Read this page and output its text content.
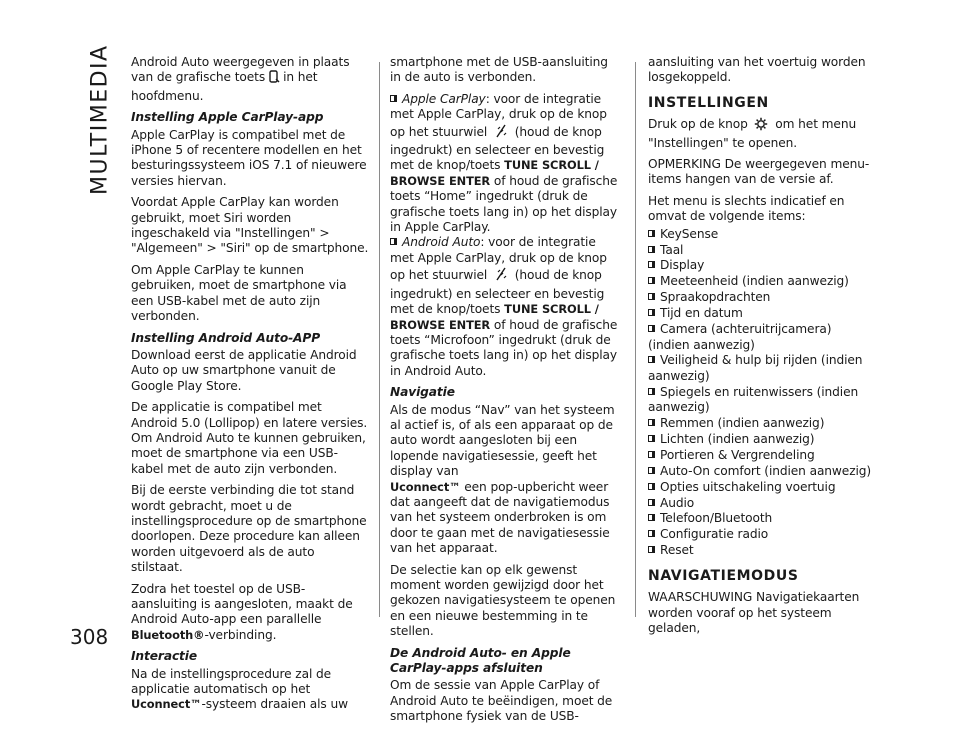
MULTIMEDIA
308

Android Auto weergegeven in plaats van de grafische toets in het hoofdmenu.

Instelling Apple CarPlay-app

Apple CarPlay is compatibel met de iPhone 5 of recentere modellen en het besturingssysteem iOS 7.1 of nieuwere versies hiervan.

Voordat Apple CarPlay kan worden gebruikt, moet Siri worden ingeschakeld via "Instellingen" > "Algemeen" > "Siri" op de smartphone.

Om Apple CarPlay te kunnen gebruiken, moet de smartphone via een USB-kabel met de auto zijn verbonden.

Instelling Android Auto-APP

Download eerst de applicatie Android Auto op uw smartphone vanuit de Google Play Store.

De applicatie is compatibel met Android 5.0 (Lollipop) en latere versies. Om Android Auto te kunnen gebruiken, moet de smartphone via een USB-kabel met de auto zijn verbonden.

Bij de eerste verbinding die tot stand wordt gebracht, moet u de instellingsprocedure op de smartphone doorlopen. Deze procedure kan alleen worden uitgevoerd als de auto stilstaat.

Zodra het toestel op de USB-aansluiting is aangesloten, maakt de Android Auto-app een parallelle Bluetooth®-verbinding.

Interactie

Na de instellingsprocedure zal de applicatie automatisch op het
Uconnect™-systeem draaien als uw

smartphone met de USB-aansluiting in de auto is verbonden.

Apple CarPlay: voor de integratie met Apple CarPlay, druk op de knop op het stuurwiel (houd de knop ingedrukt) en selecteer en bevestig met de knop/toets TUNE SCROLL / BROWSE ENTER of houd de grafische toets “Home” ingedrukt (druk de grafische toets lang in) op het display in Apple CarPlay.

Android Auto: voor de integratie met Apple CarPlay, druk op de knop op het stuurwiel (houd de knop ingedrukt) en selecteer en bevestig met de knop/toets TUNE SCROLL / BROWSE ENTER of houd de grafische toets “Microfoon” ingedrukt (druk de grafische toets lang in) op het display in Android Auto.

Navigatie

Als de modus “Nav” van het systeem al actief is, of als een apparaat op de auto wordt aangesloten bij een lopende navigatiesessie, geeft het display van
Uconnect™ een pop-upbericht weer dat aangeeft dat de navigatiemodus van het systeem onderbroken is om door te gaan met de navigatiesessie van het apparaat.

De selectie kan op elk gewenst moment worden gewijzigd door het gekozen navigatiesysteem te openen en een nieuwe bestemming in te stellen.

De Android Auto- en Apple CarPlay-apps afsluiten

Om de sessie van Apple CarPlay of Android Auto te beëindigen, moet de smartphone fysiek van de USB-

aansluiting van het voertuig worden losgekoppeld.

INSTELLINGEN

Druk op de knop om het menu "Instellingen" te openen.

OPMERKING De weergegeven menu-items hangen van de versie af.

Het menu is slechts indicatief en omvat de volgende items:

KeySense
Taal
Display
Meeteenheid (indien aanwezig)
Spraakopdrachten
Tijd en datum
Camera (achteruitrijcamera) (indien aanwezig)
Veiligheid & hulp bij rijden (indien aanwezig)
Spiegels en ruitenwissers (indien aanwezig)
Remmen (indien aanwezig)
Lichten (indien aanwezig)
Portieren & Vergrendeling
Auto-On comfort (indien aanwezig)
Opties uitschakeling voertuig
Audio
Telefoon/Bluetooth
Configuratie radio
Reset

NAVIGATIEMODUS

WAARSCHUWING Navigatiekaarten worden vooraf op het systeem geladen,
